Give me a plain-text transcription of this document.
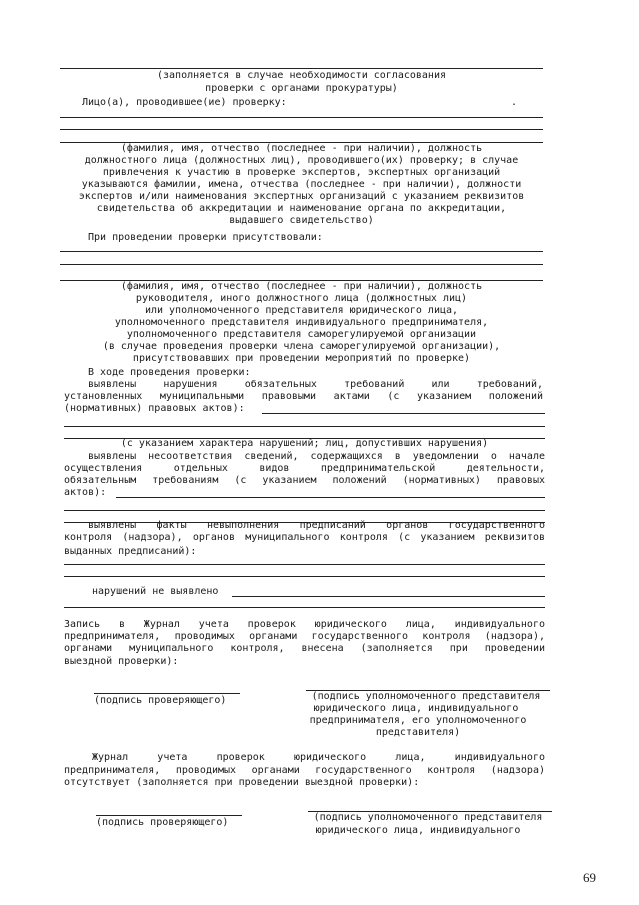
(заполняется в случае необходимости согласования
проверки с органами прокуратуры)
Лицо(а), проводившее(ие) проверку:	.
(фамилия, имя, отчество (последнее - при наличии), должность
должностного лица (должностных лиц), проводившего(их) проверку; в случае
привлечения к участию в проверке экспертов, экспертных организаций
указываются фамилии, имена, отчества (последнее - при наличии), должности
экспертов и/или наименования экспертных организаций с указанием реквизитов
свидетельства об аккредитации и наименование органа по аккредитации,
выдавшего свидетельство)
При проведении проверки присутствовали:
(фамилия, имя, отчество (последнее - при наличии), должность
руководителя, иного должностного лица (должностных лиц)
или уполномоченного представителя юридического лица,
уполномоченного представителя индивидуального предпринимателя,
уполномоченного представителя саморегулируемой организации
(в случае проведения проверки члена саморегулируемой организации),
присутствовавших при проведении мероприятий по проверке)
В ходе проведения проверки:
выявлены нарушения обязательных требований или требований,
установленных муниципальными правовыми актами (с указанием положений
(нормативных) правовых актов):
(с указанием характера нарушений; лиц, допустивших нарушения)
выявлены несоответствия сведений, содержащихся в уведомлении о начале
осуществления отдельных видов предпринимательской деятельности,
обязательным требованиям (с указанием положений (нормативных) правовых
актов):
выявлены факты невыполнения предписаний органов государственного
контроля (надзора), органов муниципального контроля (с указанием реквизитов
выданных предписаний):
нарушений не выявлено
Запись в Журнал учета проверок юридического лица, индивидуального
предпринимателя, проводимых органами государственного контроля (надзора),
органами муниципального контроля, внесена (заполняется при проведении
выездной проверки):
(подпись проверяющего)	(подпись уполномоченного представителя
юридического лица, индивидуального
предпринимателя, его уполномоченного
представителя)
Журнал учета проверок юридического лица, индивидуального
предпринимателя, проводимых органами государственного контроля (надзора)
отсутствует (заполняется при проведении выездной проверки):
(подпись проверяющего)	(подпись уполномоченного представителя
юридического лица, индивидуального
69
